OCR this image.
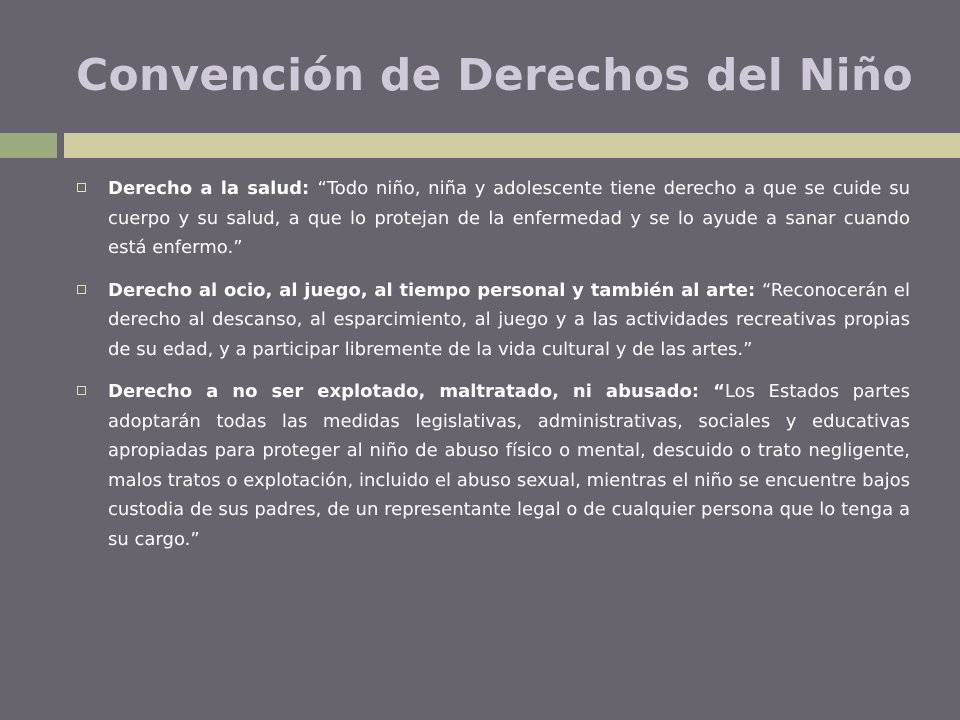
Convención de Derechos del Niño
Derecho a la salud: “Todo niño, niña y adolescente tiene derecho a que se cuide su cuerpo y su salud, a que lo protejan de la enfermedad y se lo ayude a sanar cuando está enfermo.”
Derecho al ocio, al juego, al tiempo personal y también al arte: “Reconocerán el derecho al descanso, al esparcimiento, al juego y a las actividades recreativas propias de su edad, y a participar libremente de la vida cultural y de las artes.”
Derecho a no ser explotado, maltratado, ni abusado: “Los Estados partes adoptarán todas las medidas legislativas, administrativas, sociales y educativas apropiadas para proteger al niño de abuso físico o mental, descuido o trato negligente, malos tratos o explotación, incluido el abuso sexual, mientras el niño se encuentre bajos custodia de sus padres, de un representante legal o de cualquier persona que lo tenga a su cargo.”
